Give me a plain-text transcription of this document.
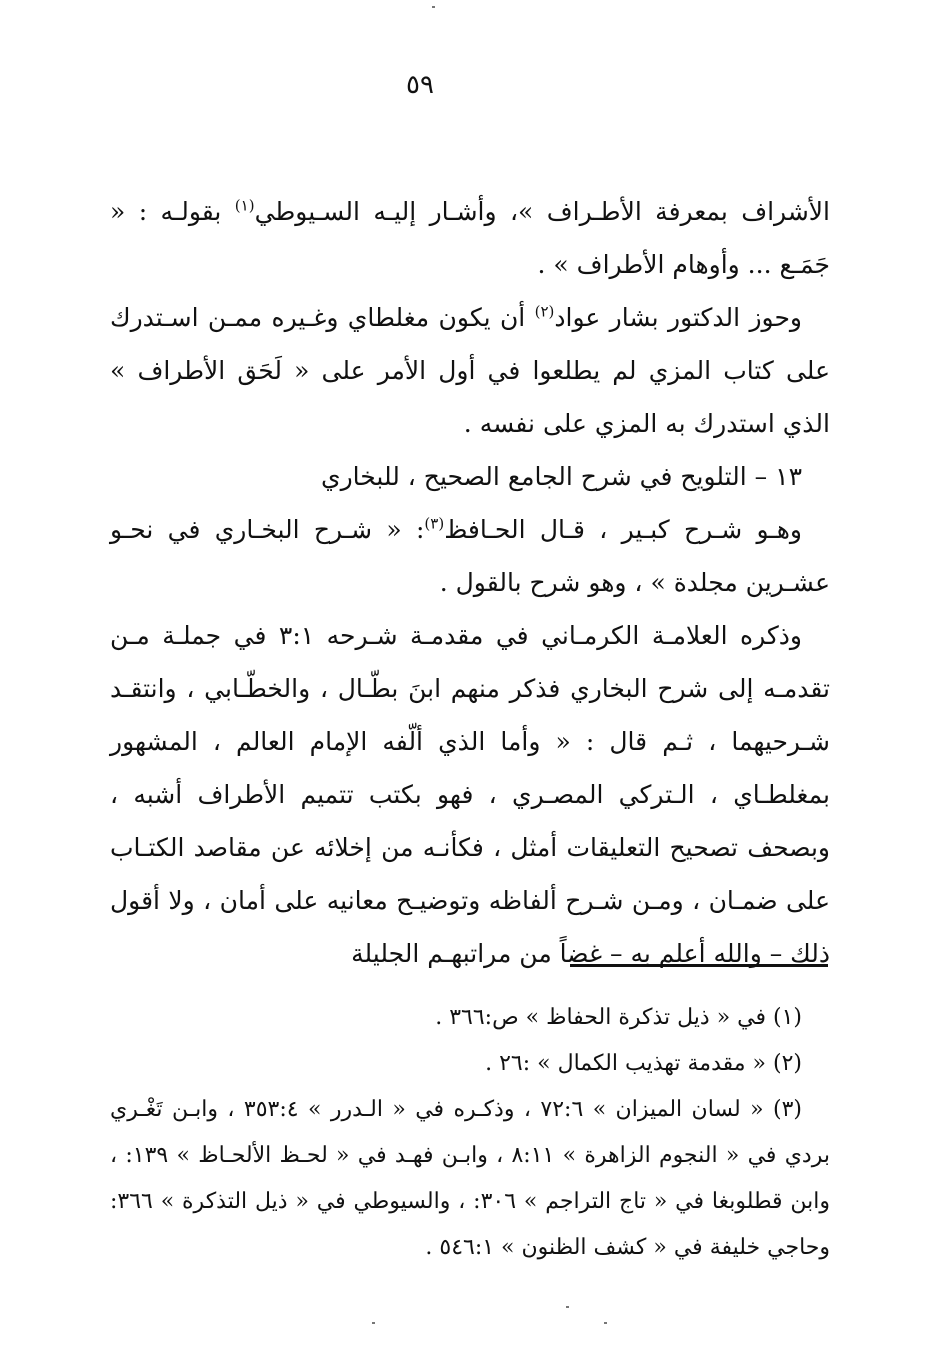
٥٩

الأشراف بمعرفة الأطـراف »، وأشـار إليـه السـيوطي$^{(١)}$ بقولـه : « جَمَـع ... وأوهام الأطراف » .

وحوز الدكتور بشار عواد$^{(٢)}$ أن يكون مغلطاي وغـيره ممـن اسـتدرك على كتاب المزي لم يطلعوا في أول الأمر على « لَحَق الأطراف » الذي استدرك به المزي على نفسه .

١٣ – التلويح في شرح الجامع الصحيح ، للبخاري

وهـو شـرح كبـير ، قـال الحـافظ$^{(٣)}$: « شـرح البخـاري في نحـو عشـرين مجلدة » ، وهو شرح بالقول .

وذكره العلامـة الكرمـاني في مقدمـة شـرحه ٣:١ في جملـة مـن تقدمـه إلى شرح البخاري فذكر منهم ابنَ بطّـال ، والخطّـابي ، وانتقـد شـرحيهما ، ثـم قال : « وأما الذي ألّفه الإمام العالم ، المشهور بمغلطـاي ، الـتركي المصـري ، فهو بكتب تتميم الأطراف أشبه ، وبصحف تصحيح التعليقات أمثل ، فكأنـه من إخلائه عن مقاصد الكتـاب على ضمـان ، ومـن شـرح ألفاظه وتوضيـح معانيه على أمان ، ولا أقول ذلك – والله أعلم به – غضاً من مراتبهـم الجليلة

(١) في « ذيل تذكرة الحفاظ » ص:٣٦٦ .

(٢) « مقدمة تهذيب الكمال » :٢٦ .

(٣) « لسان الميزان » ٧٢:٦ ، وذكـره في « الـدرر » ٣٥٣:٤ ، وابـن تَغْـري بردي في « النجوم الزاهرة » ٨:١١ ، وابـن فهـد في « لحـظ الألحـاظ » ١٣٩: ، وابن قطلوبغا في « تاج التراجم » ٣٠٦: ، والسيوطي في « ذيل التذكرة » ٣٦٦: وحاجي خليفة في « كشف الظنون » ٥٤٦:١ .
